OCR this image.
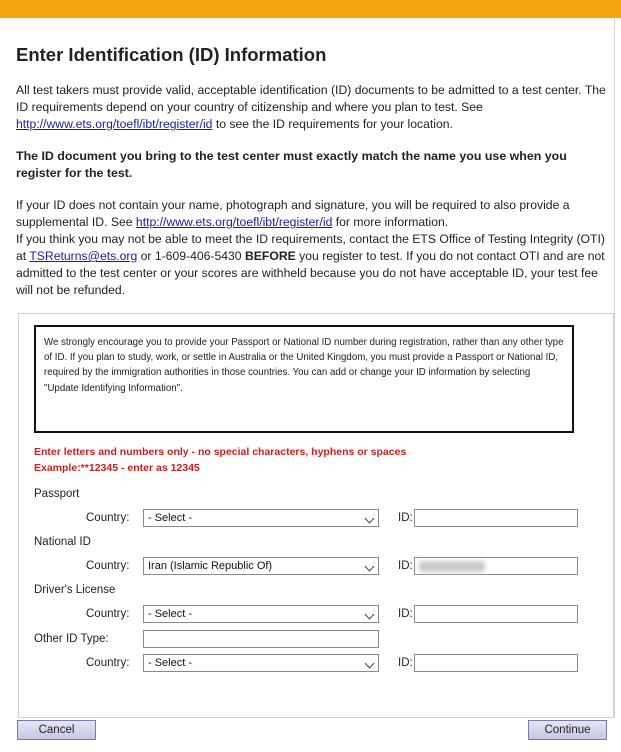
Enter Identification (ID) Information

All test takers must provide valid, acceptable identification (ID) documents to be admitted to a test center. The ID requirements depend on your country of citizenship and where you plan to test. See http://www.ets.org/toefl/ibt/register/id to see the ID requirements for your location.

The ID document you bring to the test center must exactly match the name you use when you register for the test.

If your ID does not contain your name, photograph and signature, you will be required to also provide a supplemental ID. See http://www.ets.org/toefl/ibt/register/id for more information.
If you think you may not be able to meet the ID requirements, contact the ETS Office of Testing Integrity (OTI) at TSReturns@ets.org or 1-609-406-5430 BEFORE you register to test. If you do not contact OTI and are not admitted to the test center or your scores are withheld because you do not have acceptable ID, your test fee will not be refunded.

We strongly encourage you to provide your Passport or National ID number during registration, rather than any other type of ID. If you plan to study, work, or settle in Australia or the United Kingdom, you must provide a Passport or National ID, required by the immigration authorities in those countries. You can add or change your ID information by selecting "Update Identifying Information".
Enter letters and numbers only - no special characters, hyphens or spaces
Example:**12345 - enter as 12345
Passport
Country:	- Select -	ID:
National ID
Country:	Iran (Islamic Republic Of)	ID:
Driver's License
Country:	- Select -	ID:
Other ID Type:
Country:	- Select -	ID:
Cancel	Continue
